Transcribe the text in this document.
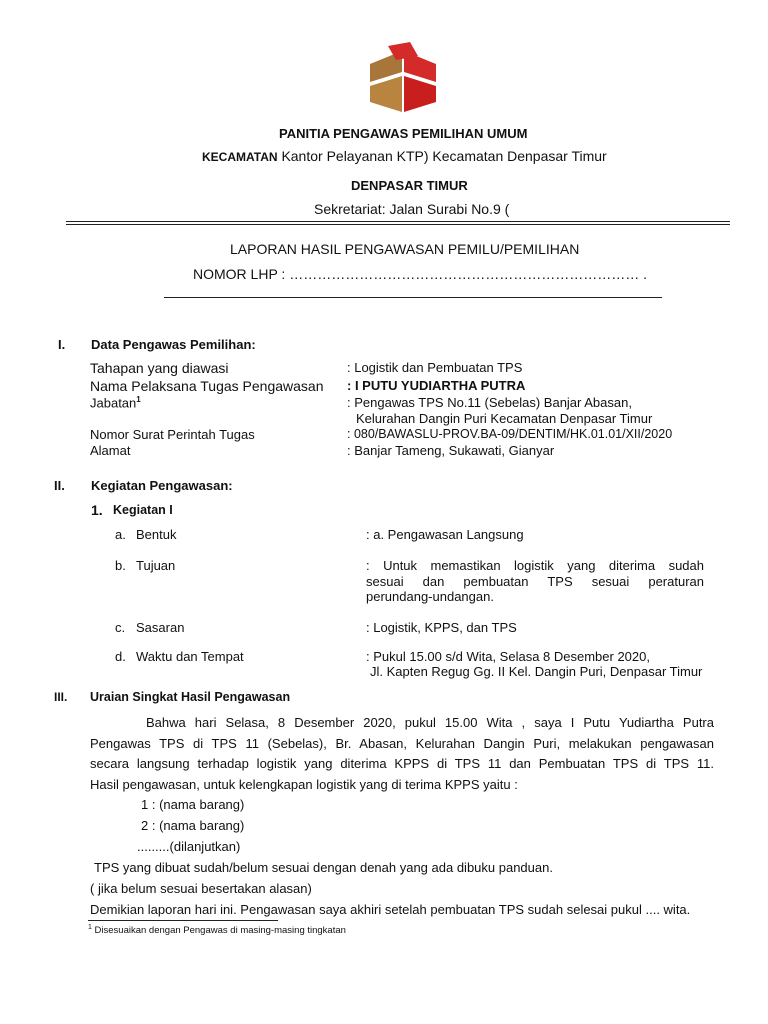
PANITIA PENGAWAS PEMILIHAN UMUM
KECAMATAN Kantor Pelayanan KTP) Kecamatan Denpasar Timur
DENPASAR TIMUR
Sekretariat: Jalan Surabi No.9 (
LAPORAN HASIL PENGAWASAN PEMILU/PEMILIHAN
NOMOR LHP : ………………………………………………………………… .
I. Data Pengawas Pemilihan:
Tahapan yang diawasi	: Logistik dan Pembuatan TPS
Nama Pelaksana Tugas Pengawasan : I PUTU YUDIARTHA PUTRA
Jabatan$^1$	: Pengawas TPS No.11 (Sebelas) Banjar Abasan,
Kelurahan Dangin Puri Kecamatan Denpasar Timur
Nomor Surat Perintah Tugas	: 080/BAWASLU-PROV.BA-09/DENTIM/HK.01.01/XII/2020
Alamat	: Banjar Tameng, Sukawati, Gianyar
II. Kegiatan Pengawasan:
1. Kegiatan I
a. Bentuk	: a. Pengawasan Langsung
b. Tujuan	: Untuk memastikan logistik yang diterima sudah
sesuai dan pembuatan TPS sesuai peraturan
perundang-undangan.
c. Sasaran	: Logistik, KPPS, dan TPS
d. Waktu dan Tempat	: Pukul 15.00 s/d Wita, Selasa 8 Desember 2020,
Jl. Kapten Regug Gg. II Kel. Dangin Puri, Denpasar Timur
III. Uraian Singkat Hasil Pengawasan
Bahwa hari Selasa, 8 Desember 2020, pukul 15.00 Wita , saya I Putu Yudiartha Putra
Pengawas TPS di TPS 11 (Sebelas), Br. Abasan, Kelurahan Dangin Puri, melakukan pengawasan
secara langsung terhadap logistik yang diterima KPPS di TPS 11 dan Pembuatan TPS di TPS 11.
Hasil pengawasan, untuk kelengkapan logistik yang di terima KPPS yaitu :
1 : (nama barang)
2 : (nama barang)
.........(dilanjutkan)
TPS yang dibuat sudah/belum sesuai dengan denah yang ada dibuku panduan.
( jika belum sesuai besertakan alasan)
Demikian laporan hari ini. Pengawasan saya akhiri setelah pembuatan TPS sudah selesai pukul .... wita.
$^1$ Disesuaikan dengan Pengawas di masing-masing tingkatan
